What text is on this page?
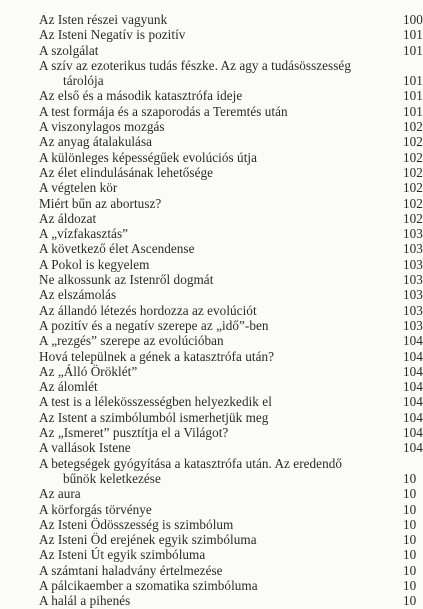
Az Isten részei vagyunk	100
Az Isteni Negatív is pozitív	101
A szolgálat	101
A szív az ezoterikus tudás fészke. Az agy a tudásösszesség
tárolója	101
Az első és a második katasztrófa ideje	101
A test formája és a szaporodás a Teremtés után	101
A viszonylagos mozgás	102
Az anyag átalakulása	102
A különleges képességűek evolúciós útja	102
Az élet elindulásának lehetősége	102
A végtelen kör	102
Miért bűn az abortusz?	102
Az áldozat	102
A „vízfakasztás”	103
A következő élet Ascendense	103
A Pokol is kegyelem	103
Ne alkossunk az Istenről dogmát	103
Az elszámolás	103
Az állandó létezés hordozza az evolúciót	103
A pozitív és a negatív szerepe az „idő”-ben	103
A „rezgés” szerepe az evolúcióban	104
Hová települnek a gének a katasztrófa után?	104
Az „Álló Öröklét”	104
Az álomlét	104
A test is a lélekösszességben helyezkedik el	104
Az Istent a szimbólumból ismerhetjük meg	104
Az „Ismeret” pusztítja el a Világot?	104
A vallások Istene	104
A betegségek gyógyítása a katasztrófa után. Az eredendő
bűnök keletkezése	10
Az aura	10
A körforgás törvénye	10
Az Isteni Ödösszesség is szimbólum	10
Az Isteni Öd erejének egyik szimbóluma	10
Az Isteni Út egyik szimbóluma	10
A számtani haladvány értelmezése	10
A pálcikaember a szomatika szimbóluma	10
A halál a pihenés	10
